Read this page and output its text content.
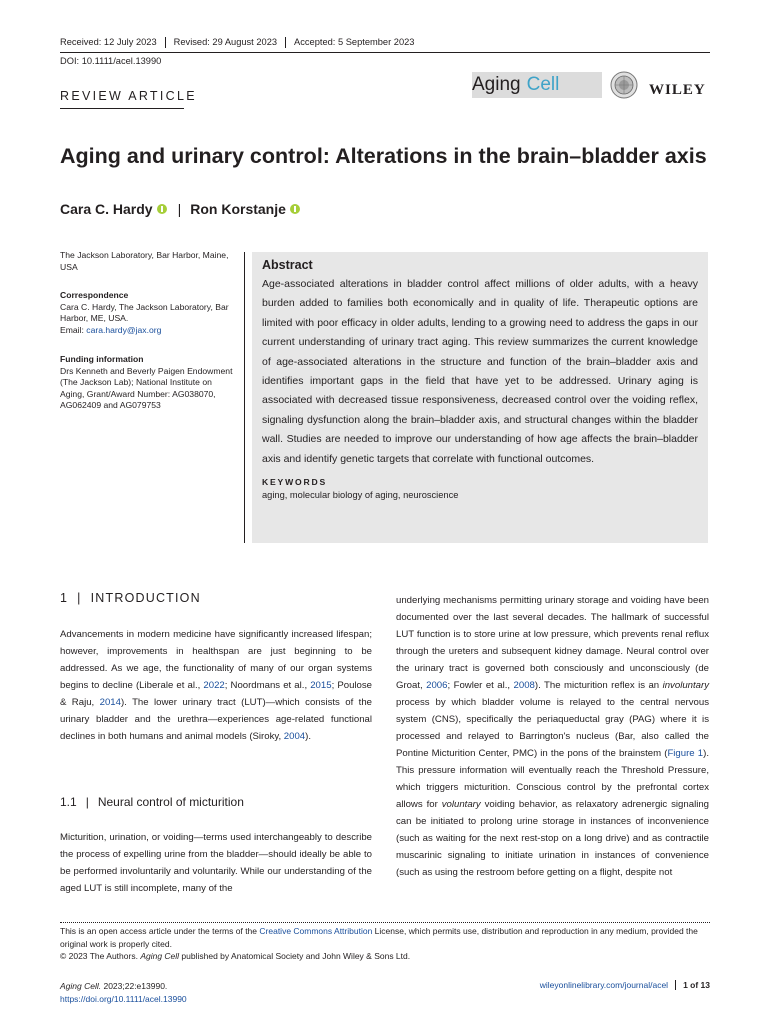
Received: 12 July 2023	Revised: 29 August 2023	Accepted: 5 September 2023
DOI: 10.1111/acel.13990
REVIEW ARTICLE
Aging Cell	WILEY
Aging and urinary control: Alterations in the brain–bladder axis
Cara C. Hardy | Ron Korstanje
The Jackson Laboratory, Bar Harbor, Maine, USA
Correspondence
Cara C. Hardy, The Jackson Laboratory, Bar Harbor, ME, USA.
Email: cara.hardy@jax.org
Funding information
Drs Kenneth and Beverly Paigen Endowment (The Jackson Lab); National Institute on Aging, Grant/Award Number: AG038070, AG062409 and AG079753
Abstract

Age-associated alterations in bladder control affect millions of older adults, with a heavy burden added to families both economically and in quality of life. Therapeutic options are limited with poor efficacy in older adults, lending to a growing need to address the gaps in our current understanding of urinary tract aging. This review summarizes the current knowledge of age-associated alterations in the structure and function of the brain–bladder axis and identifies important gaps in the field that have yet to be addressed. Urinary aging is associated with decreased tissue responsiveness, decreased control over the voiding reflex, signaling dysfunction along the brain–bladder axis, and structural changes within the bladder wall. Studies are needed to improve our understanding of how age affects the brain–bladder axis and identify genetic targets that correlate with functional outcomes.

KEYWORDS
aging, molecular biology of aging, neuroscience
1 | INTRODUCTION

Advancements in modern medicine have significantly increased lifespan; however, improvements in healthspan are just beginning to be addressed. As we age, the functionality of many of our organ systems begins to decline (Liberale et al., 2022; Noordmans et al., 2015; Poulose & Raju, 2014). The lower urinary tract (LUT)—which consists of the urinary bladder and the urethra—experiences age-related functional declines in both humans and animal models (Siroky, 2004).

1.1 | Neural control of micturition

Micturition, urination, or voiding—terms used interchangeably to describe the process of expelling urine from the bladder—should ideally be able to be performed involuntarily and voluntarily. While our understanding of the aged LUT is still incomplete, many of the

underlying mechanisms permitting urinary storage and voiding have been documented over the last several decades. The hallmark of successful LUT function is to store urine at low pressure, which prevents renal reflux through the ureters and subsequent kidney damage. Neural control over the urinary tract is governed both consciously and unconsciously (de Groat, 2006; Fowler et al., 2008). The micturition reflex is an involuntary process by which bladder volume is relayed to the central nervous system (CNS), specifically the periaqueductal gray (PAG) where it is processed and relayed to Barrington's nucleus (Bar, also called the Pontine Micturition Center, PMC) in the pons of the brainstem (Figure 1). This pressure information will eventually reach the Threshold Pressure, which triggers micturition. Conscious control by the prefrontal cortex allows for voluntary voiding behavior, as relaxatory adrenergic signaling can be initiated to prolong urine storage in instances of inconvenience (such as waiting for the next rest-stop on a long drive) and as contractile muscarinic signaling to initiate urination in instances of convenience (such as using the restroom before getting on a flight, despite not

This is an open access article under the terms of the Creative Commons Attribution License, which permits use, distribution and reproduction in any medium, provided the original work is properly cited.
© 2023 The Authors. Aging Cell published by Anatomical Society and John Wiley & Sons Ltd.
Aging Cell. 2023;22:e13990.
https://doi.org/10.1111/acel.13990
wileyonlinelibrary.com/journal/acel	1 of 13
